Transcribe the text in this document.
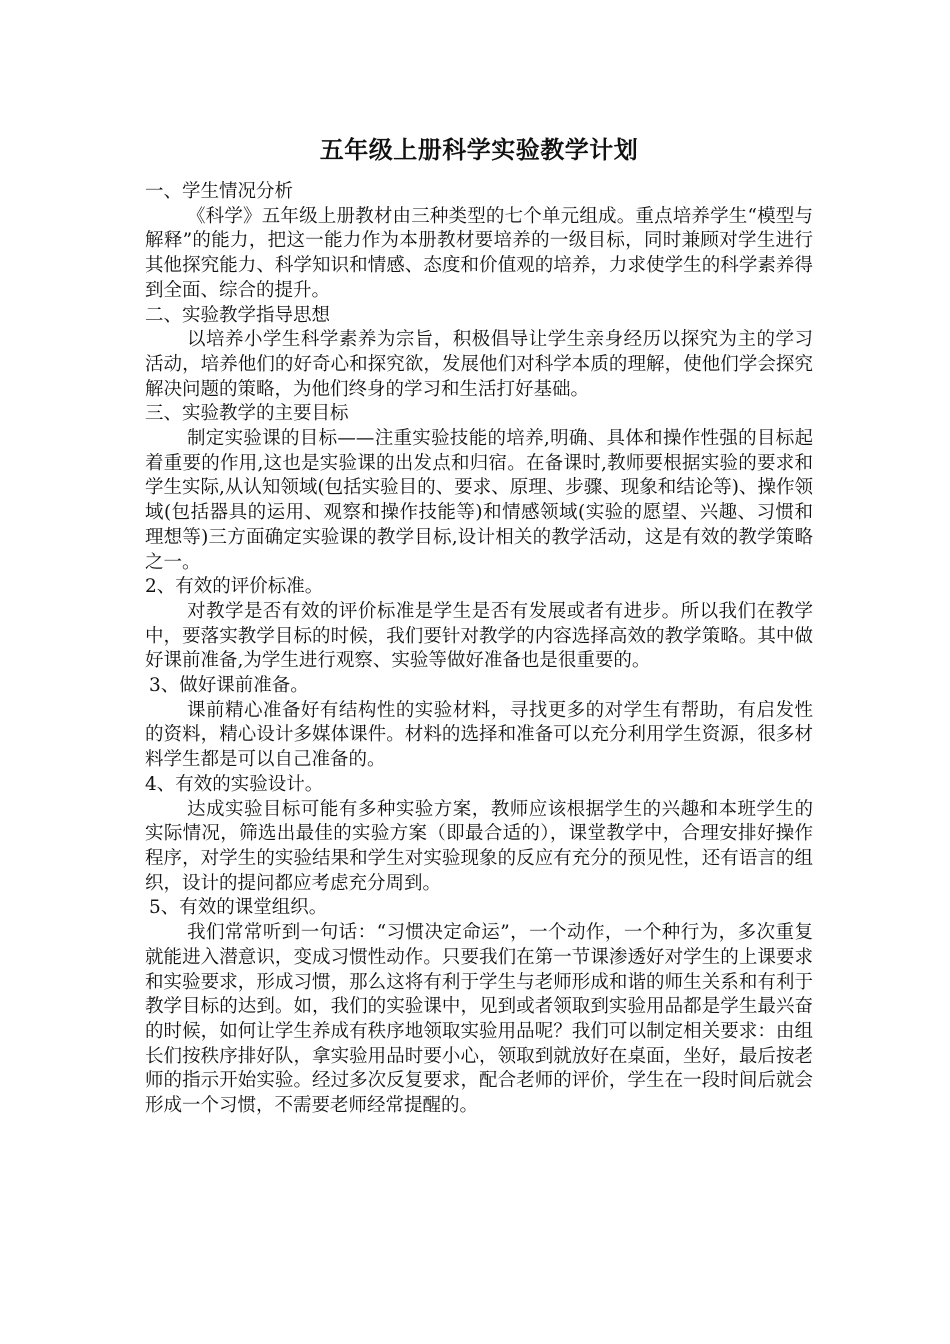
五年级上册科学实验教学计划

一、学生情况分析

《科学》五年级上册教材由三种类型的七个单元组成。重点培养学生“模型与解释”的能力，把这一能力作为本册教材要培养的一级目标，同时兼顾对学生进行其他探究能力、科学知识和情感、态度和价值观的培养，力求使学生的科学素养得到全面、综合的提升。

二、实验教学指导思想

以培养小学生科学素养为宗旨，积极倡导让学生亲身经历以探究为主的学习活动，培养他们的好奇心和探究欲，发展他们对科学本质的理解，使他们学会探究解决问题的策略，为他们终身的学习和生活打好基础。

三、实验教学的主要目标

制定实验课的目标——注重实验技能的培养,明确、具体和操作性强的目标起着重要的作用,这也是实验课的出发点和归宿。在备课时,教师要根据实验的要求和学生实际,从认知领域(包括实验目的、要求、原理、步骤、现象和结论等)、操作领域(包括器具的运用、观察和操作技能等)和情感领域(实验的愿望、兴趣、习惯和理想等)三方面确定实验课的教学目标,设计相关的教学活动，这是有效的教学策略之一。

2、有效的评价标准。

对教学是否有效的评价标准是学生是否有发展或者有进步。所以我们在教学中，要落实教学目标的时候，我们要针对教学的内容选择高效的教学策略。其中做好课前准备,为学生进行观察、实验等做好准备也是很重要的。

3、做好课前准备。

课前精心准备好有结构性的实验材料，寻找更多的对学生有帮助，有启发性的资料，精心设计多媒体课件。材料的选择和准备可以充分利用学生资源，很多材料学生都是可以自己准备的。

4、有效的实验设计。

达成实验目标可能有多种实验方案，教师应该根据学生的兴趣和本班学生的实际情况，筛选出最佳的实验方案（即最合适的），课堂教学中，合理安排好操作程序，对学生的实验结果和学生对实验现象的反应有充分的预见性，还有语言的组织，设计的提问都应考虑充分周到。

5、有效的课堂组织。

我们常常听到一句话：“习惯决定命运”，一个动作，一个种行为，多次重复就能进入潜意识，变成习惯性动作。只要我们在第一节课渗透好对学生的上课要求和实验要求，形成习惯，那么这将有利于学生与老师形成和谐的师生关系和有利于教学目标的达到。如，我们的实验课中，见到或者领取到实验用品都是学生最兴奋的时候，如何让学生养成有秩序地领取实验用品呢？我们可以制定相关要求：由组长们按秩序排好队，拿实验用品时要小心，领取到就放好在桌面，坐好，最后按老师的指示开始实验。经过多次反复要求，配合老师的评价，学生在一段时间后就会形成一个习惯，不需要老师经常提醒的。
